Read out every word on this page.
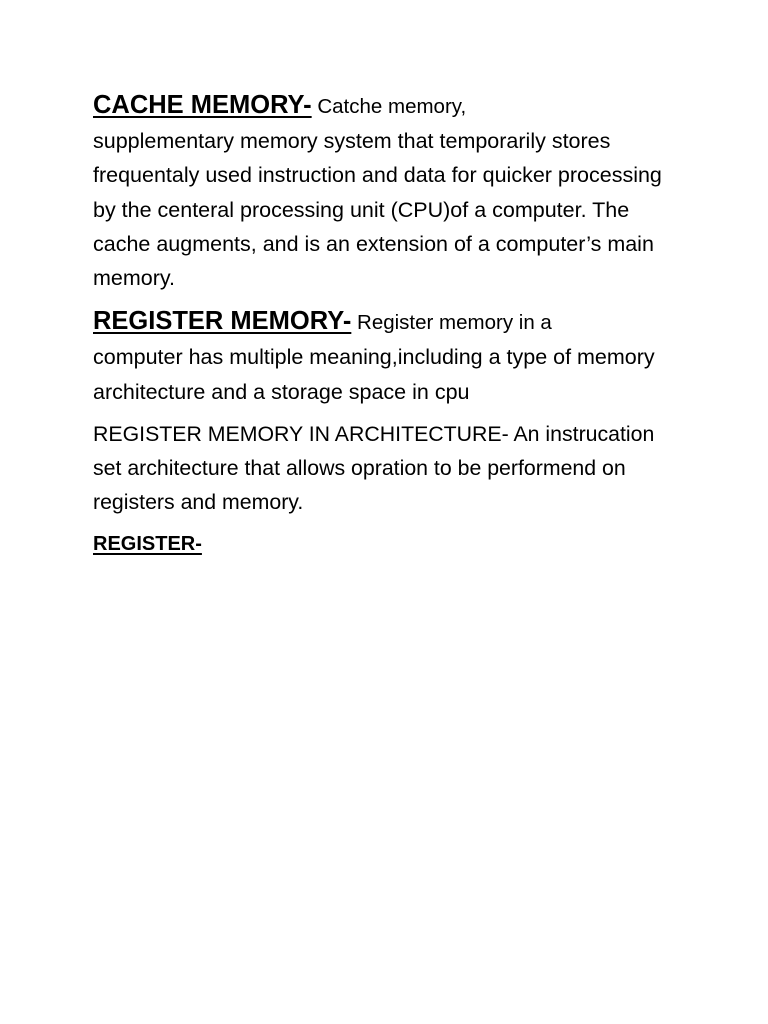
CACHE MEMORY- Catche memory,
supplementary memory system that temporarily stores frequentaly used instruction and data for quicker processing by the centeral processing unit (CPU)of a computer. The cache augments, and is an extension of a computer’s main memory.

REGISTER MEMORY- Register memory in a
computer has multiple meaning,including a type of memory architecture and a storage space in cpu

REGISTER MEMORY IN ARCHITECTURE- An instrucation set architecture that allows opration to be performend on registers and memory.

REGISTER-
